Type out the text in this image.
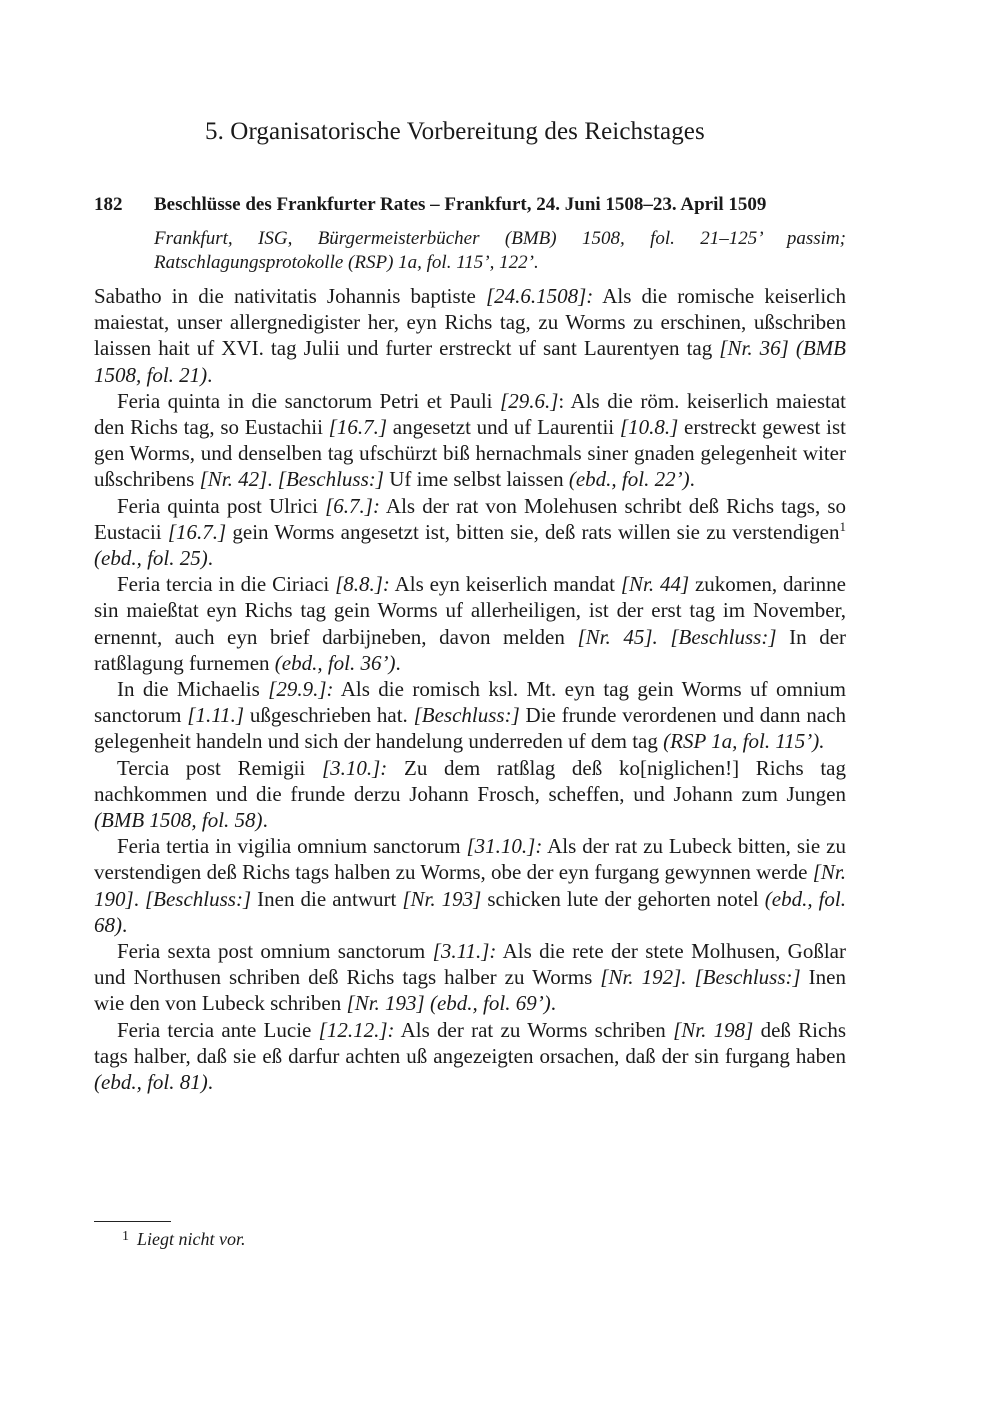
5. Organisatorische Vorbereitung des Reichstages
182 Beschlüsse des Frankfurter Rates – Frankfurt, 24. Juni 1508–23. April 1509
Frankfurt, ISG, Bürgermeisterbücher (BMB) 1508, fol. 21–125’ passim; Ratschlagungsprotokolle (RSP) 1a, fol. 115’, 122’.

Sabatho in die nativitatis Johannis baptiste [24.6.1508]: Als die romische keiserlich maiestat, unser allergnedigister her, eyn Richs tag, zu Worms zu erschinen, ußschriben laissen hait uf XVI. tag Julii und furter erstreckt uf sant Laurentyen tag [Nr. 36] (BMB 1508, fol. 21).

Feria quinta in die sanctorum Petri et Pauli [29.6.]: Als die röm. keiserlich maiestat den Richs tag, so Eustachii [16.7.] angesetzt und uf Laurentii [10.8.] erstreckt gewest ist gen Worms, und denselben tag ufschürzt biß hernachmals siner gnaden gelegenheit witer ußschribens [Nr. 42]. [Beschluss:] Uf ime selbst laissen (ebd., fol. 22’).

Feria quinta post Ulrici [6.7.]: Als der rat von Molehusen schribt deß Richs tags, so Eustacii [16.7.] gein Worms angesetzt ist, bitten sie, deß rats willen sie zu verstendigen$^1$ (ebd., fol. 25).

Feria tercia in die Ciriaci [8.8.]: Als eyn keiserlich mandat [Nr. 44] zukomen, darinne sin maießtat eyn Richs tag gein Worms uf allerheiligen, ist der erst tag im November, ernennt, auch eyn brief darbijneben, davon melden [Nr. 45]. [Beschluss:] In der ratßlagung furnemen (ebd., fol. 36’).

In die Michaelis [29.9.]: Als die romisch ksl. Mt. eyn tag gein Worms uf omnium sanctorum [1.11.] ußgeschrieben hat. [Beschluss:] Die frunde verordenen und dann nach gelegenheit handeln und sich der handelung underreden uf dem tag (RSP 1a, fol. 115’).

Tercia post Remigii [3.10.]: Zu dem ratßlag deß ko[niglichen!] Richs tag nachkommen und die frunde derzu Johann Frosch, scheffen, und Johann zum Jungen (BMB 1508, fol. 58).

Feria tertia in vigilia omnium sanctorum [31.10.]: Als der rat zu Lubeck bitten, sie zu verstendigen deß Richs tags halben zu Worms, obe der eyn furgang gewynnen werde [Nr. 190]. [Beschluss:] Inen die antwurt [Nr. 193] schicken lute der gehorten notel (ebd., fol. 68).

Feria sexta post omnium sanctorum [3.11.]: Als die rete der stete Molhusen, Goßlar und Northusen schriben deß Richs tags halber zu Worms [Nr. 192]. [Beschluss:] Inen wie den von Lubeck schriben [Nr. 193] (ebd., fol. 69’).

Feria tercia ante Lucie [12.12.]: Als der rat zu Worms schriben [Nr. 198] deß Richs tags halber, daß sie eß darfur achten uß angezeigten orsachen, daß der sin furgang haben (ebd., fol. 81).

$^1$ Liegt nicht vor.
